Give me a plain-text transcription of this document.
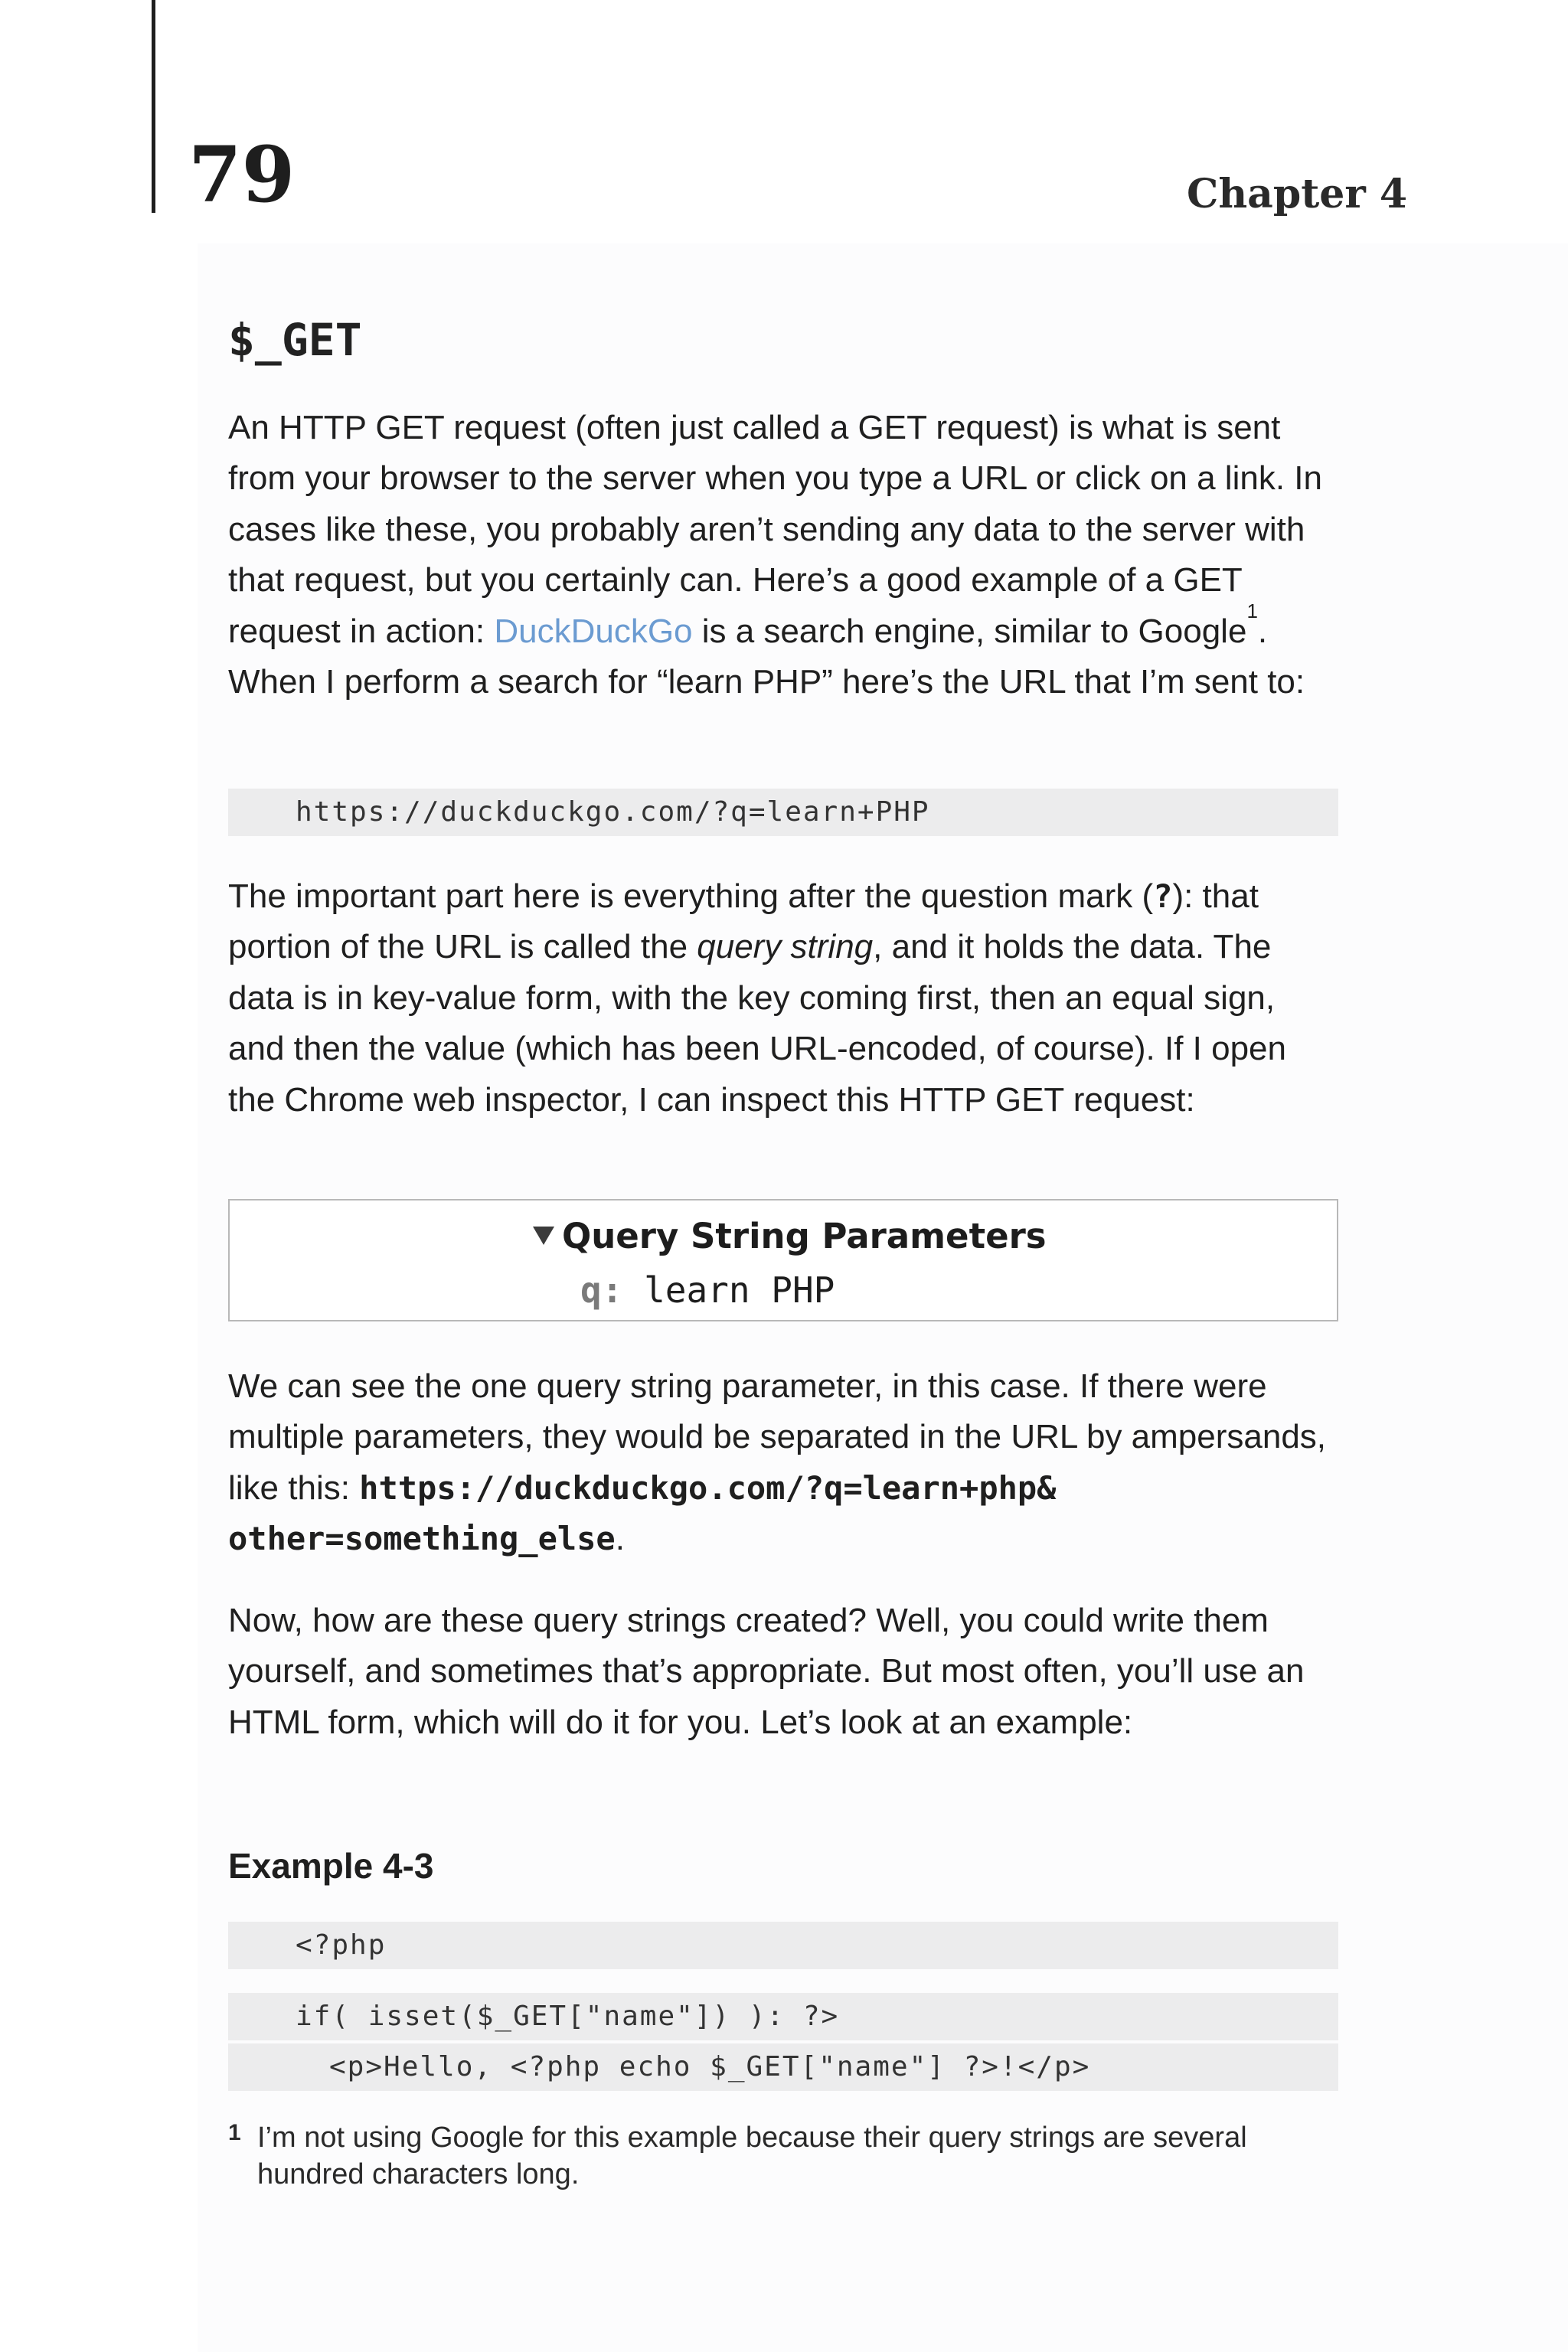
79	Chapter 4
$_GET

An HTTP GET request (often just called a GET request) is what is sent from your browser to the server when you type a URL or click on a link. In cases like these, you probably aren’t sending any data to the server with that request, but you certainly can. Here’s a good example of a GET request in action: DuckDuckGo is a search engine, similar to Google$^1$. When I perform a search for “learn PHP” here’s the URL that I’m sent to:

https://duckduckgo.com/?q=learn+PHP

The important part here is everything after the question mark (?): that portion of the URL is called the query string, and it holds the data. The data is in key-value form, with the key coming first, then an equal sign, and then the value (which has been URL-encoded, of course). If I open the Chrome web inspector, I can inspect this HTTP GET request:

Query String Parameters
q: learn PHP

We can see the one query string parameter, in this case. If there were multiple parameters, they would be separated in the URL by ampersands, like this: https://duckduckgo.com/?q=learn+php&
other=something_else.

Now, how are these query strings created? Well, you could write them yourself, and sometimes that’s appropriate. But most often, you’ll use an HTML form, which will do it for you. Let’s look at an example:

Example 4-3
<?php
if( isset($_GET["name"]) ): ?>
<p>Hello, <?php echo $_GET["name"] ?>!</p>
1 I’m not using Google for this example because their query strings are several hundred characters long.
